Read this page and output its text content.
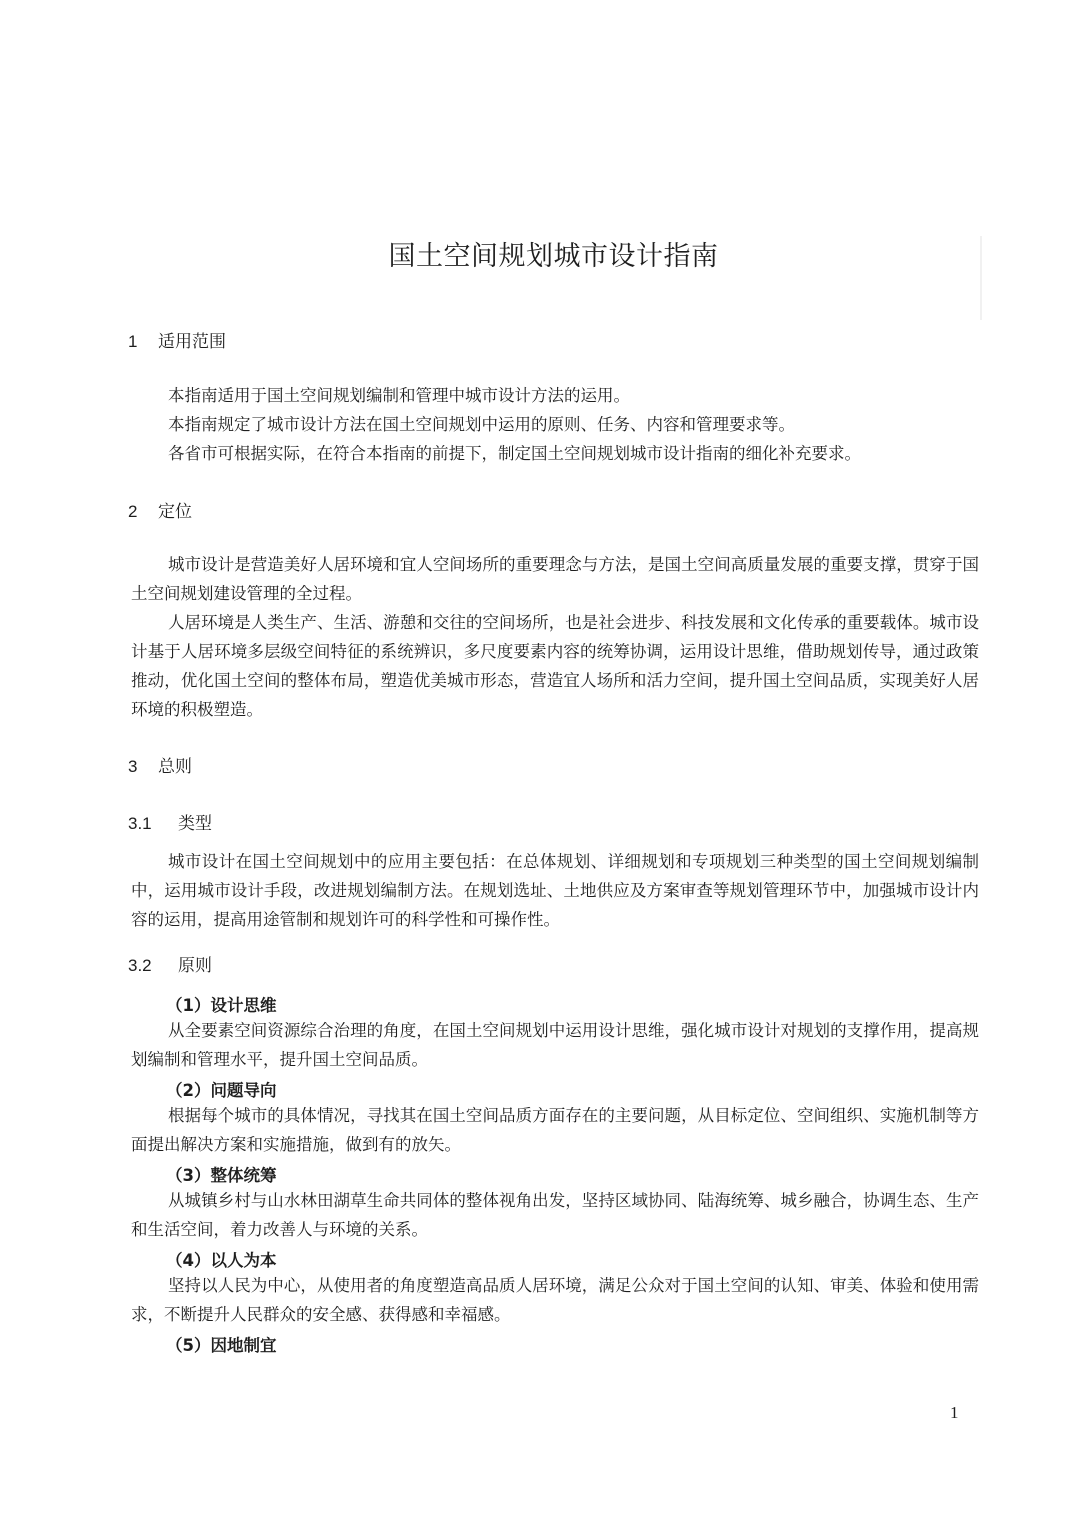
国土空间规划城市设计指南
1 适用范围
本指南适用于国土空间规划编制和管理中城市设计方法的运用。
本指南规定了城市设计方法在国土空间规划中运用的原则、任务、内容和管理要求等。
各省市可根据实际，在符合本指南的前提下，制定国土空间规划城市设计指南的细化补充要求。
2 定位
城市设计是营造美好人居环境和宜人空间场所的重要理念与方法，是国土空间高质量发展的重要支撑，贯穿于国土空间规划建设管理的全过程。
人居环境是人类生产、生活、游憩和交往的空间场所，也是社会进步、科技发展和文化传承的重要载体。城市设计基于人居环境多层级空间特征的系统辨识，多尺度要素内容的统筹协调，运用设计思维，借助规划传导，通过政策推动，优化国土空间的整体布局，塑造优美城市形态，营造宜人场所和活力空间，提升国土空间品质，实现美好人居环境的积极塑造。
3 总则
3.1 类型
城市设计在国土空间规划中的应用主要包括：在总体规划、详细规划和专项规划三种类型的国土空间规划编制中，运用城市设计手段，改进规划编制方法。在规划选址、土地供应及方案审查等规划管理环节中，加强城市设计内容的运用，提高用途管制和规划许可的科学性和可操作性。
3.2 原则
（1）设计思维
从全要素空间资源综合治理的角度，在国土空间规划中运用设计思维，强化城市设计对规划的支撑作用，提高规划编制和管理水平，提升国土空间品质。
（2）问题导向
根据每个城市的具体情况，寻找其在国土空间品质方面存在的主要问题，从目标定位、空间组织、实施机制等方面提出解决方案和实施措施，做到有的放矢。
（3）整体统筹
从城镇乡村与山水林田湖草生命共同体的整体视角出发，坚持区域协同、陆海统筹、城乡融合，协调生态、生产和生活空间，着力改善人与环境的关系。
（4）以人为本
坚持以人民为中心，从使用者的角度塑造高品质人居环境，满足公众对于国土空间的认知、审美、体验和使用需求，不断提升人民群众的安全感、获得感和幸福感。
（5）因地制宜
1
